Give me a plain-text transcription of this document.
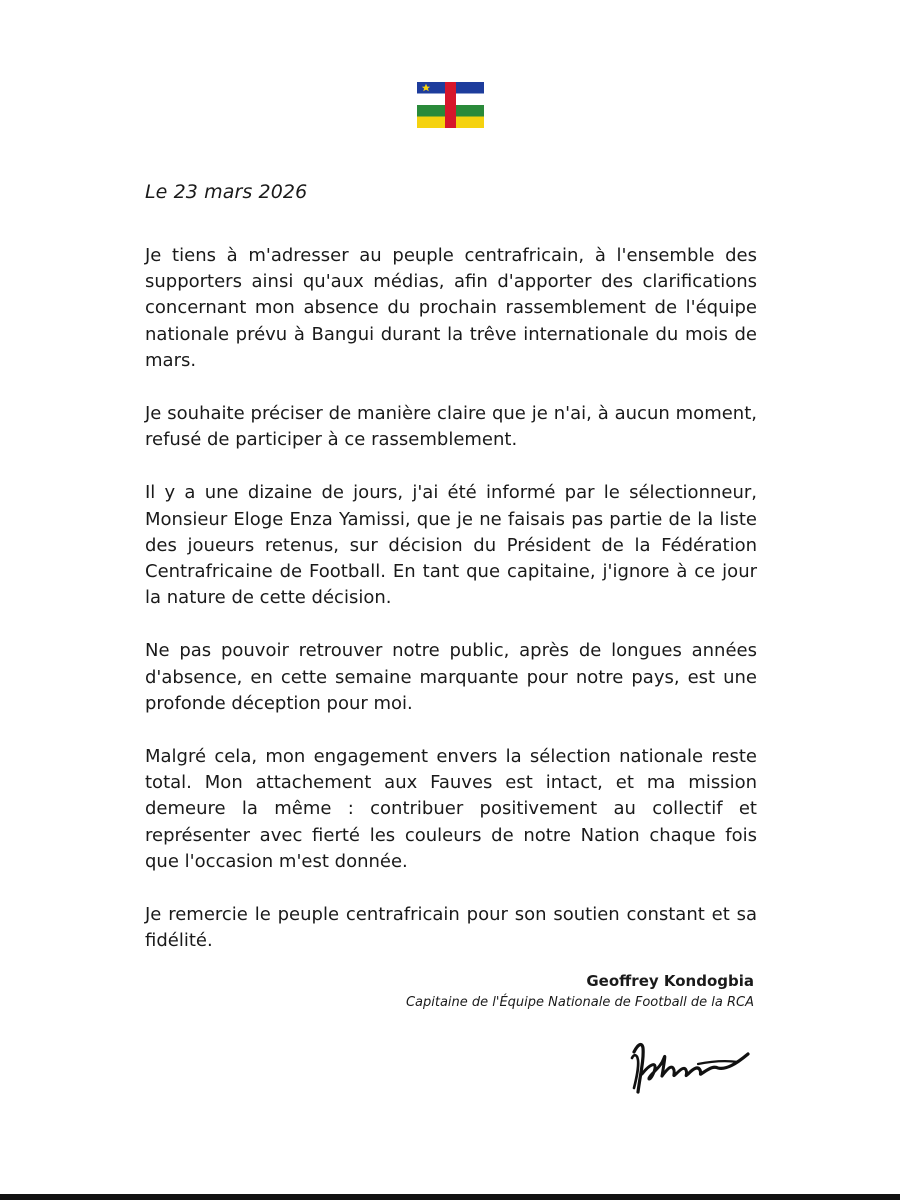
Le 23 mars 2026

Je tiens à m'adresser au peuple centrafricain, à l'ensemble des supporters ainsi qu'aux médias, afin d'apporter des clarifications concernant mon absence du prochain rassemblement de l'équipe nationale prévu à Bangui durant la trêve internationale du mois de mars.

Je souhaite préciser de manière claire que je n'ai, à aucun moment, refusé de participer à ce rassemblement.

Il y a une dizaine de jours, j'ai été informé par le sélectionneur, Monsieur Eloge Enza Yamissi, que je ne faisais pas partie de la liste des joueurs retenus, sur décision du Président de la Fédération Centrafricaine de Football. En tant que capitaine, j'ignore à ce jour la nature de cette décision.

Ne pas pouvoir retrouver notre public, après de longues années d'absence, en cette semaine marquante pour notre pays, est une profonde déception pour moi.

Malgré cela, mon engagement envers la sélection nationale reste total. Mon attachement aux Fauves est intact, et ma mission demeure la même : contribuer positivement au collectif et représenter avec fierté les couleurs de notre Nation chaque fois que l'occasion m'est donnée.

Je remercie le peuple centrafricain pour son soutien constant et sa fidélité.

Geoffrey Kondogbia
Capitaine de l'Équipe Nationale de Football de la RCA
